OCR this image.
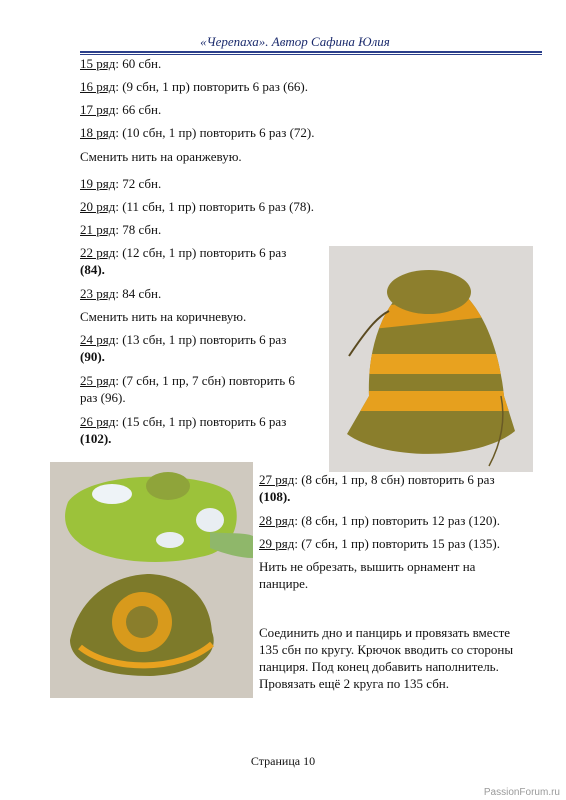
«Черепаха». Автор Сафина Юлия
15 ряд: 60 сбн.
16 ряд: (9 сбн, 1 пр) повторить 6 раз (66).
17 ряд: 66 сбн.
18 ряд: (10 сбн, 1 пр) повторить 6 раз (72).
Сменить нить на оранжевую.
19 ряд: 72 сбн.
20 ряд: (11 сбн, 1 пр) повторить 6 раз (78).
21 ряд: 78 сбн.
22 ряд: (12 сбн, 1 пр) повторить 6 раз
(84).
23 ряд: 84 сбн.
Сменить нить на коричневую.
24 ряд: (13 сбн, 1 пр) повторить 6 раз
(90).
25 ряд: (7 сбн, 1 пр, 7 сбн) повторить 6
раз (96).
26 ряд: (15 сбн, 1 пр) повторить 6 раз
(102).
27 ряд: (8 сбн, 1 пр, 8 сбн) повторить 6 раз
(108).
28 ряд: (8 сбн, 1 пр) повторить 12 раз (120).
29 ряд: (7 сбн, 1 пр) повторить 15 раз (135).
Нить не обрезать, вышить орнамент на
панцире.
Соединить дно и панцирь и провязать вместе
135 сбн по кругу. Крючок вводить со стороны
панциря. Под конец добавить наполнитель.
Провязать ещё 2 круга по 135 сбн.
Страница 10
PassionForum.ru
